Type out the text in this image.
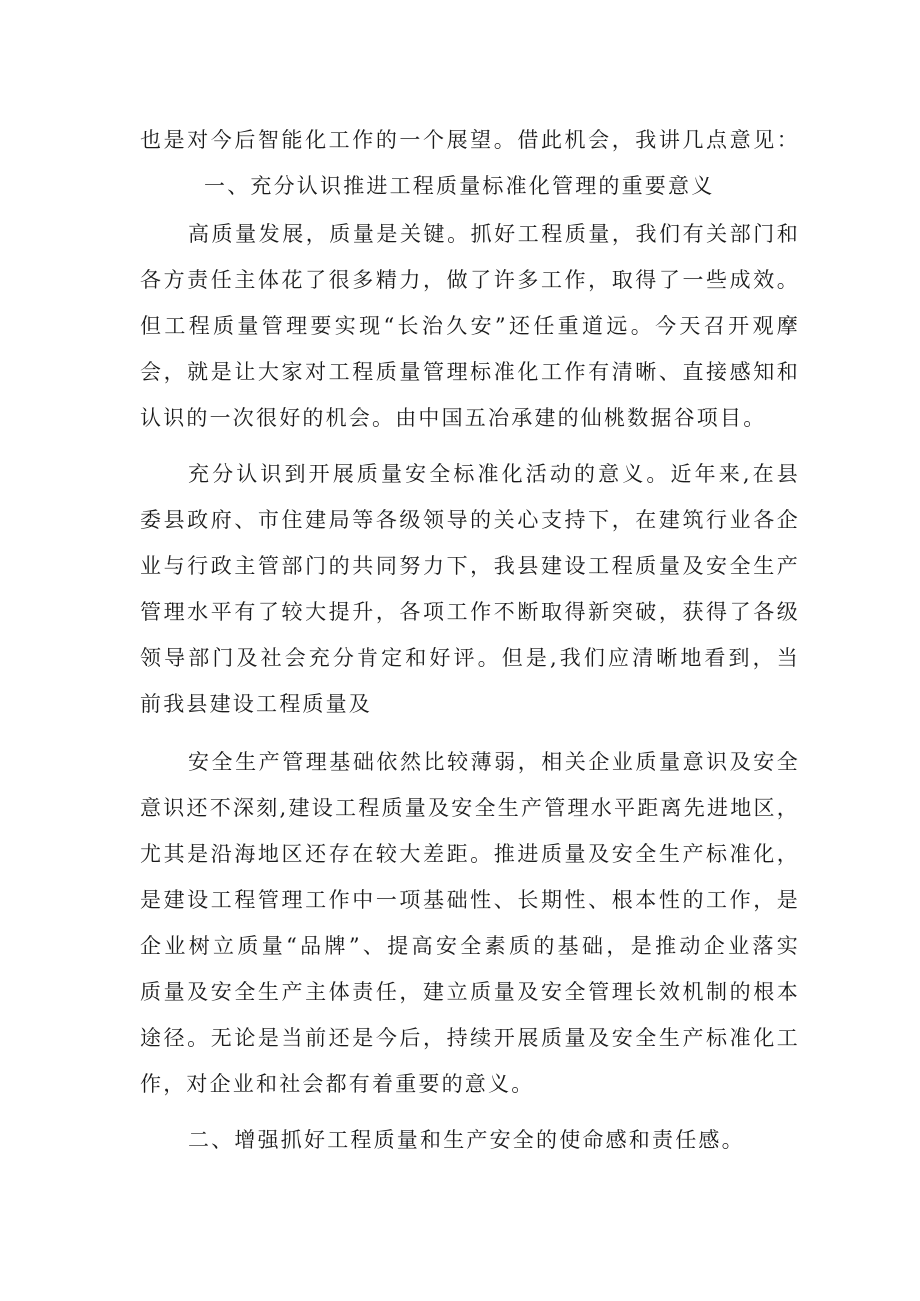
也是对今后智能化工作的一个展望。借此机会，我讲几点意见：
一、充分认识推进工程质量标准化管理的重要意义
高质量发展，质量是关键。抓好工程质量，我们有关部门和
各方责任主体花了很多精力，做了许多工作，取得了一些成效。
但工程质量管理要实现“长治久安”还任重道远。今天召开观摩
会，就是让大家对工程质量管理标准化工作有清晰、直接感知和
认识的一次很好的机会。由中国五冶承建的仙桃数据谷项目。
充分认识到开展质量安全标准化活动的意义。近年来,在县
委县政府、市住建局等各级领导的关心支持下，在建筑行业各企
业与行政主管部门的共同努力下，我县建设工程质量及安全生产
管理水平有了较大提升，各项工作不断取得新突破，获得了各级
领导部门及社会充分肯定和好评。但是,我们应清晰地看到，当
前我县建设工程质量及
安全生产管理基础依然比较薄弱，相关企业质量意识及安全
意识还不深刻,建设工程质量及安全生产管理水平距离先进地区，
尤其是沿海地区还存在较大差距。推进质量及安全生产标准化，
是建设工程管理工作中一项基础性、长期性、根本性的工作，是
企业树立质量“品牌”、提高安全素质的基础，是推动企业落实
质量及安全生产主体责任，建立质量及安全管理长效机制的根本
途径。无论是当前还是今后，持续开展质量及安全生产标准化工
作，对企业和社会都有着重要的意义。
二、增强抓好工程质量和生产安全的使命感和责任感。
